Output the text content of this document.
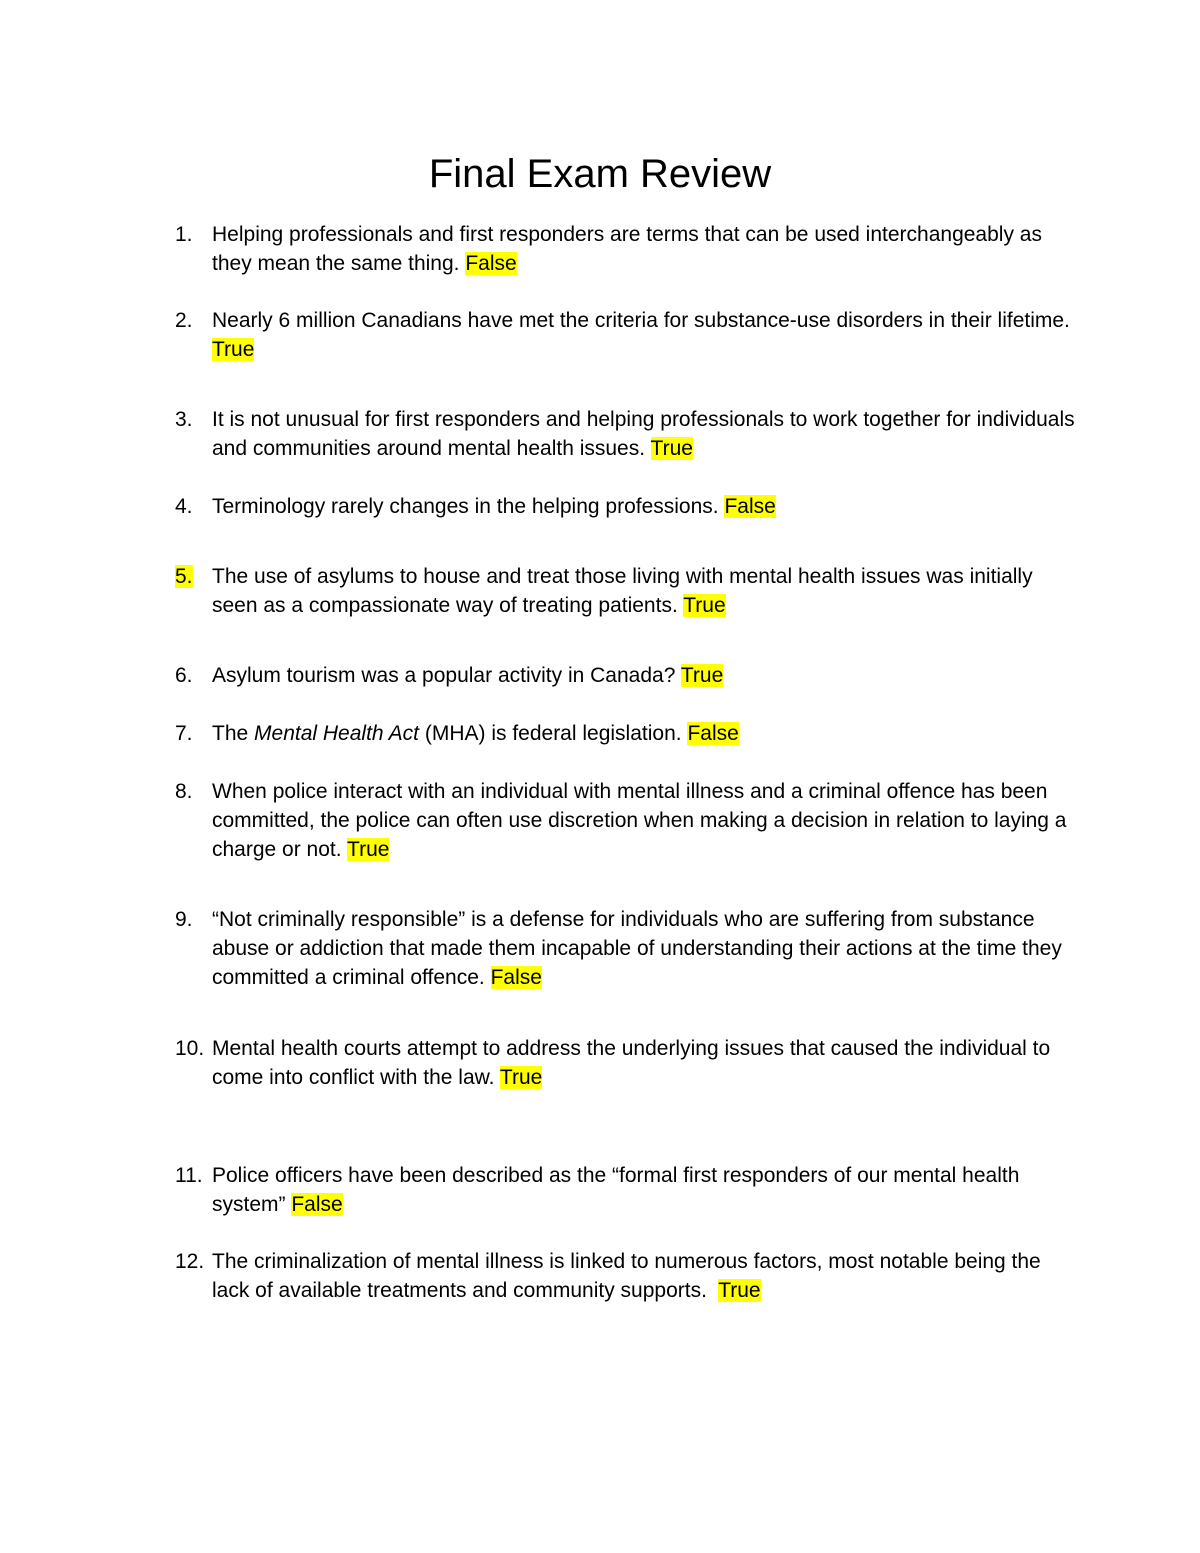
Final Exam Review
1. Helping professionals and first responders are terms that can be used interchangeably as they mean the same thing. False
2. Nearly 6 million Canadians have met the criteria for substance-use disorders in their lifetime. True
3. It is not unusual for first responders and helping professionals to work together for individuals and communities around mental health issues. True
4. Terminology rarely changes in the helping professions. False
5. The use of asylums to house and treat those living with mental health issues was initially seen as a compassionate way of treating patients. True
6. Asylum tourism was a popular activity in Canada? True
7. The Mental Health Act (MHA) is federal legislation. False
8. When police interact with an individual with mental illness and a criminal offence has been committed, the police can often use discretion when making a decision in relation to laying a charge or not. True
9. “Not criminally responsible” is a defense for individuals who are suffering from substance abuse or addiction that made them incapable of understanding their actions at the time they committed a criminal offence. False
10. Mental health courts attempt to address the underlying issues that caused the individual to come into conflict with the law. True
11. Police officers have been described as the “formal first responders of our mental health system” False
12. The criminalization of mental illness is linked to numerous factors, most notable being the lack of available treatments and community supports.  True
